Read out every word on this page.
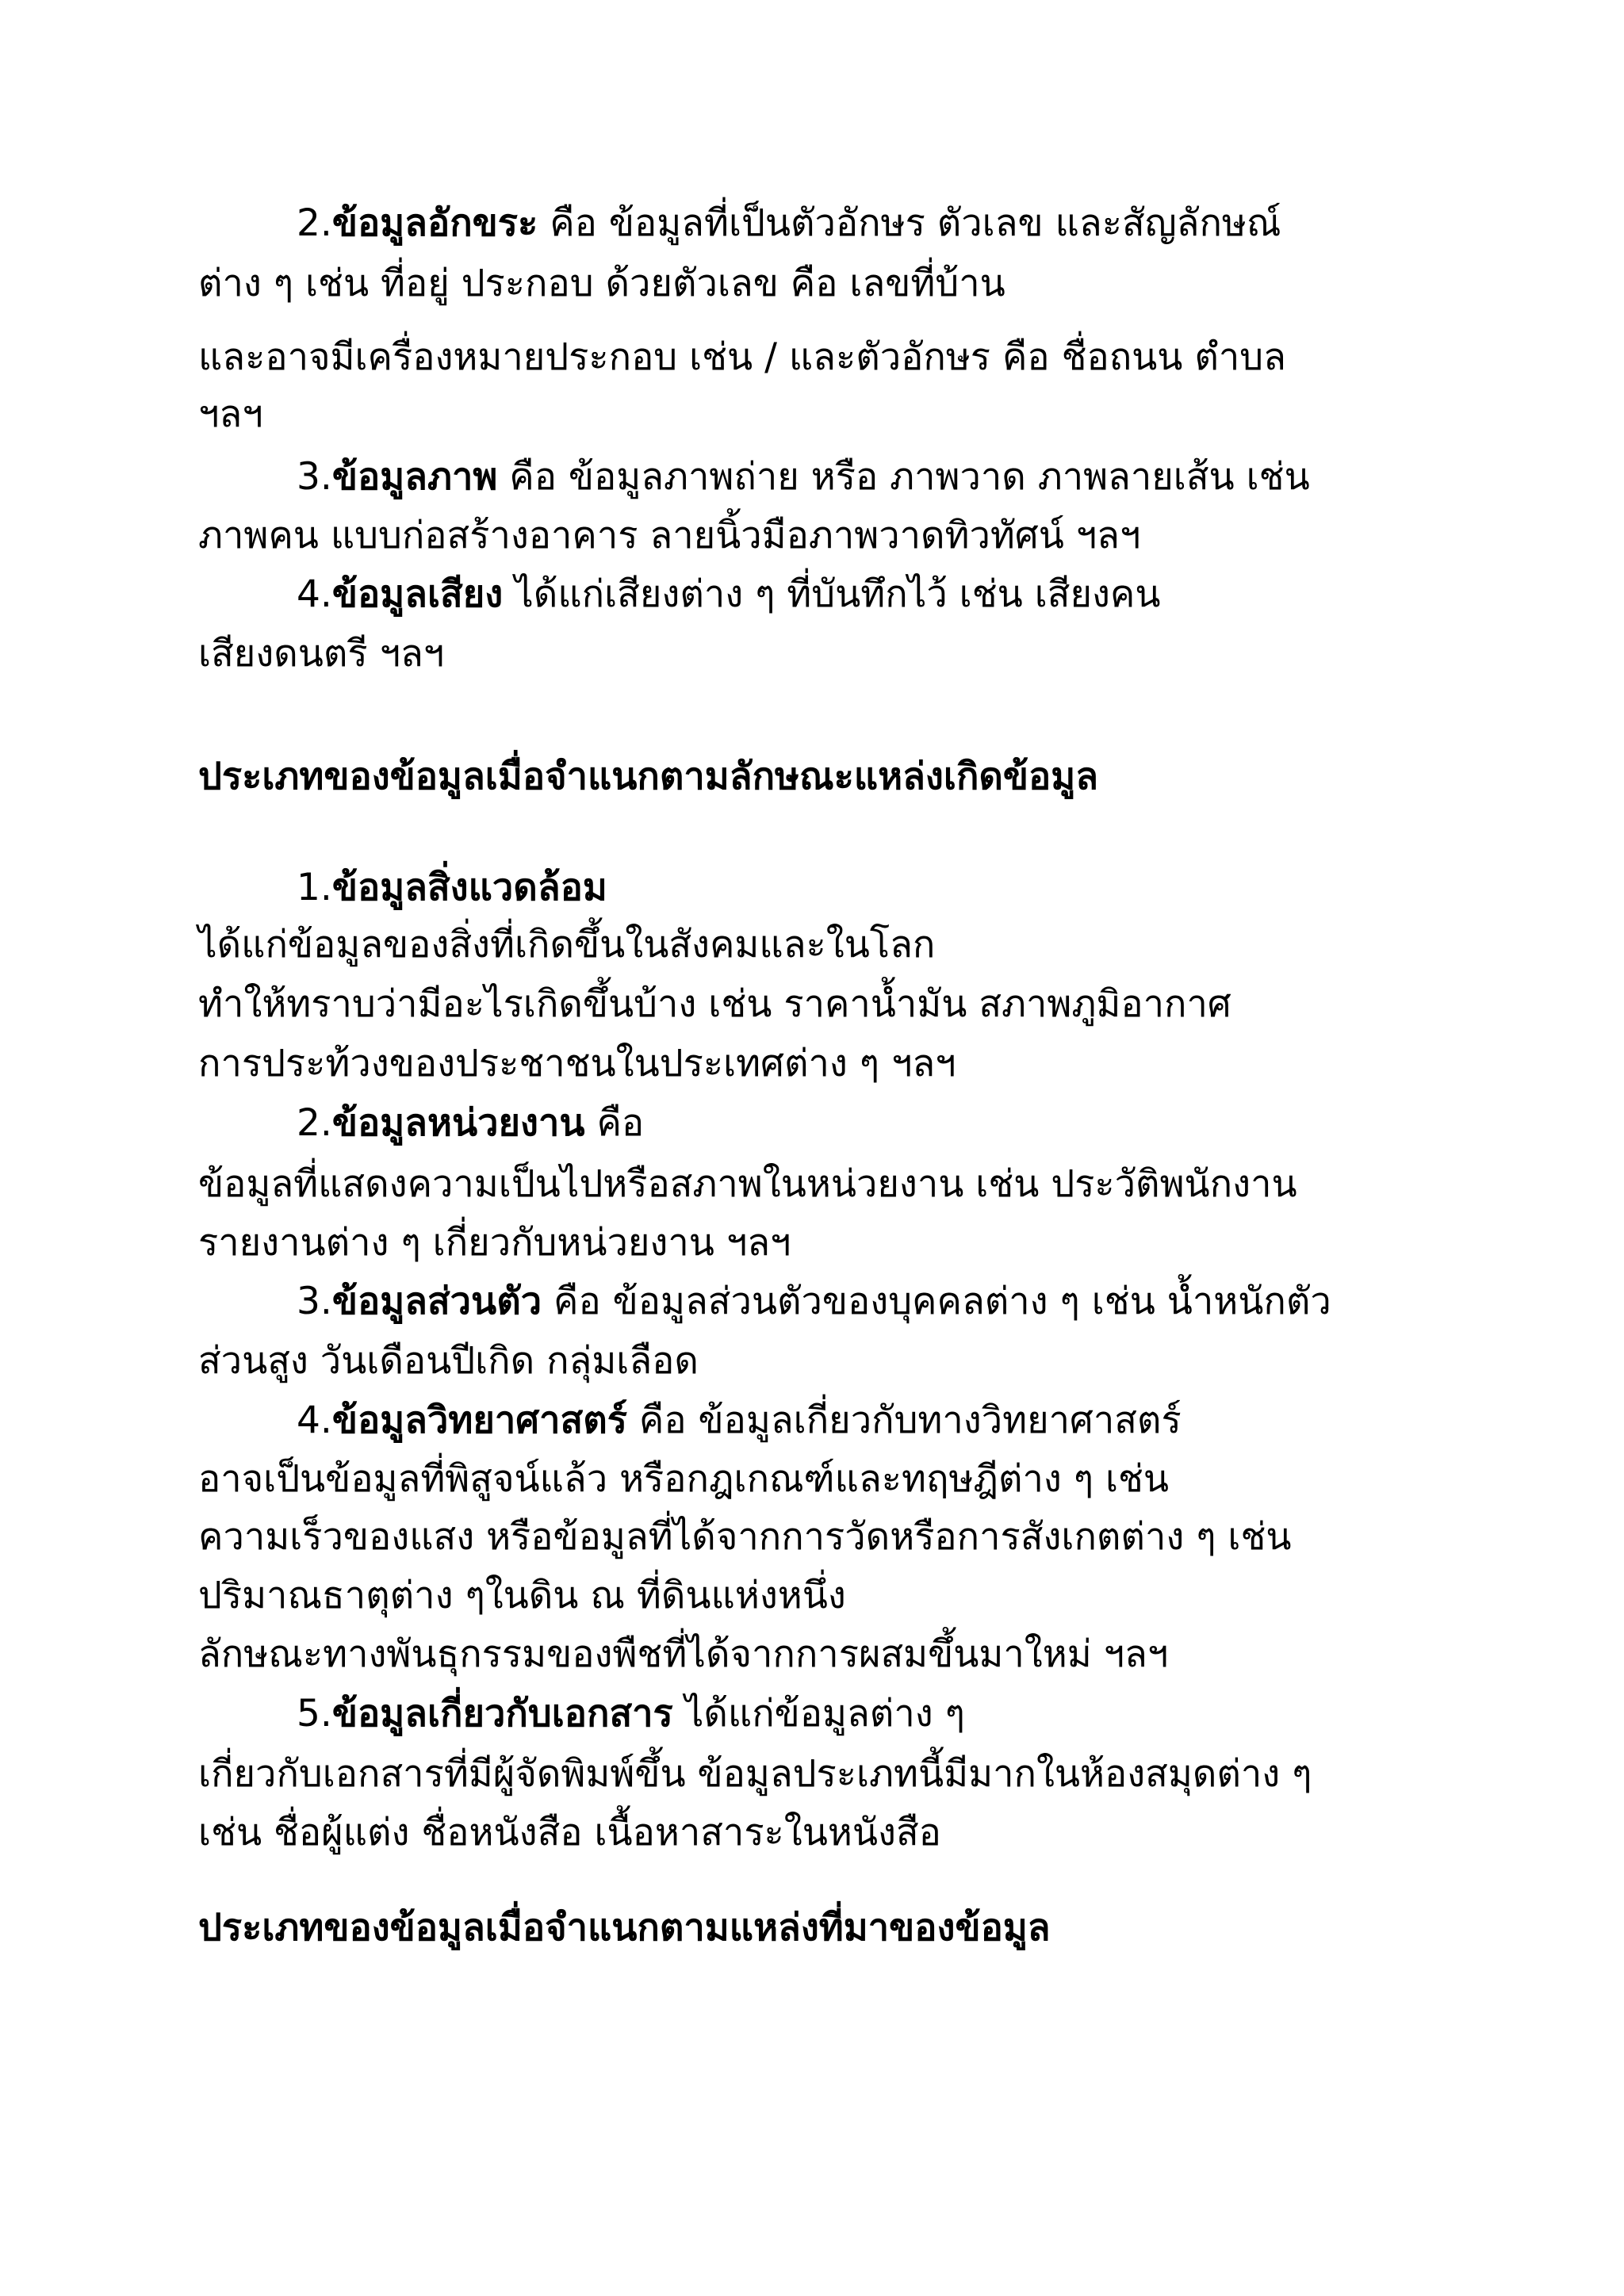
2.ข้อมูลอักขระ คือ ข้อมูลที่เป็นตัวอักษร ตัวเลข และสัญลักษณ์
ต่าง ๆ เช่น ที่อยู่ ประกอบ ด้วยตัวเลข คือ เลขที่บ้าน
และอาจมีเครื่องหมายประกอบ เช่น / และตัวอักษร คือ ชื่อถนน ตำบล
ฯลฯ
3.ข้อมูลภาพ คือ ข้อมูลภาพถ่าย หรือ ภาพวาด ภาพลายเส้น เช่น
ภาพคน แบบก่อสร้างอาคาร ลายนิ้วมือภาพวาดทิวทัศน์ ฯลฯ
4.ข้อมูลเสียง ได้แก่เสียงต่าง ๆ ที่บันทึกไว้ เช่น เสียงคน
เสียงดนตรี ฯลฯ
ประเภทของข้อมูลเมื่อจำแนกตามลักษณะแหล่งเกิดข้อมูล
1.ข้อมูลสิ่งแวดล้อม
ได้แก่ข้อมูลของสิ่งที่เกิดขึ้นในสังคมและในโลก
ทำให้ทราบว่ามีอะไรเกิดขึ้นบ้าง เช่น ราคาน้ำมัน สภาพภูมิอากาศ
การประท้วงของประชาชนในประเทศต่าง ๆ ฯลฯ
2.ข้อมูลหน่วยงาน คือ
ข้อมูลที่แสดงความเป็นไปหรือสภาพในหน่วยงาน เช่น ประวัติพนักงาน
รายงานต่าง ๆ เกี่ยวกับหน่วยงาน ฯลฯ
3.ข้อมูลส่วนตัว คือ ข้อมูลส่วนตัวของบุคคลต่าง ๆ เช่น น้ำหนักตัว
ส่วนสูง วันเดือนปีเกิด กลุ่มเลือด
4.ข้อมูลวิทยาศาสตร์ คือ ข้อมูลเกี่ยวกับทางวิทยาศาสตร์
อาจเป็นข้อมูลที่พิสูจน์แล้ว หรือกฎเกณฑ์และทฤษฎีต่าง ๆ เช่น
ความเร็วของแสง หรือข้อมูลที่ได้จากการวัดหรือการสังเกตต่าง ๆ เช่น
ปริมาณธาตุต่าง ๆในดิน ณ ที่ดินแห่งหนึ่ง
ลักษณะทางพันธุกรรมของพืชที่ได้จากการผสมขึ้นมาใหม่ ฯลฯ
5.ข้อมูลเกี่ยวกับเอกสาร ได้แก่ข้อมูลต่าง ๆ
เกี่ยวกับเอกสารที่มีผู้จัดพิมพ์ขึ้น ข้อมูลประเภทนี้มีมากในห้องสมุดต่าง ๆ
เช่น ชื่อผู้แต่ง ชื่อหนังสือ เนื้อหาสาระในหนังสือ
ประเภทของข้อมูลเมื่อจำแนกตามแหล่งที่มาของข้อมูล
